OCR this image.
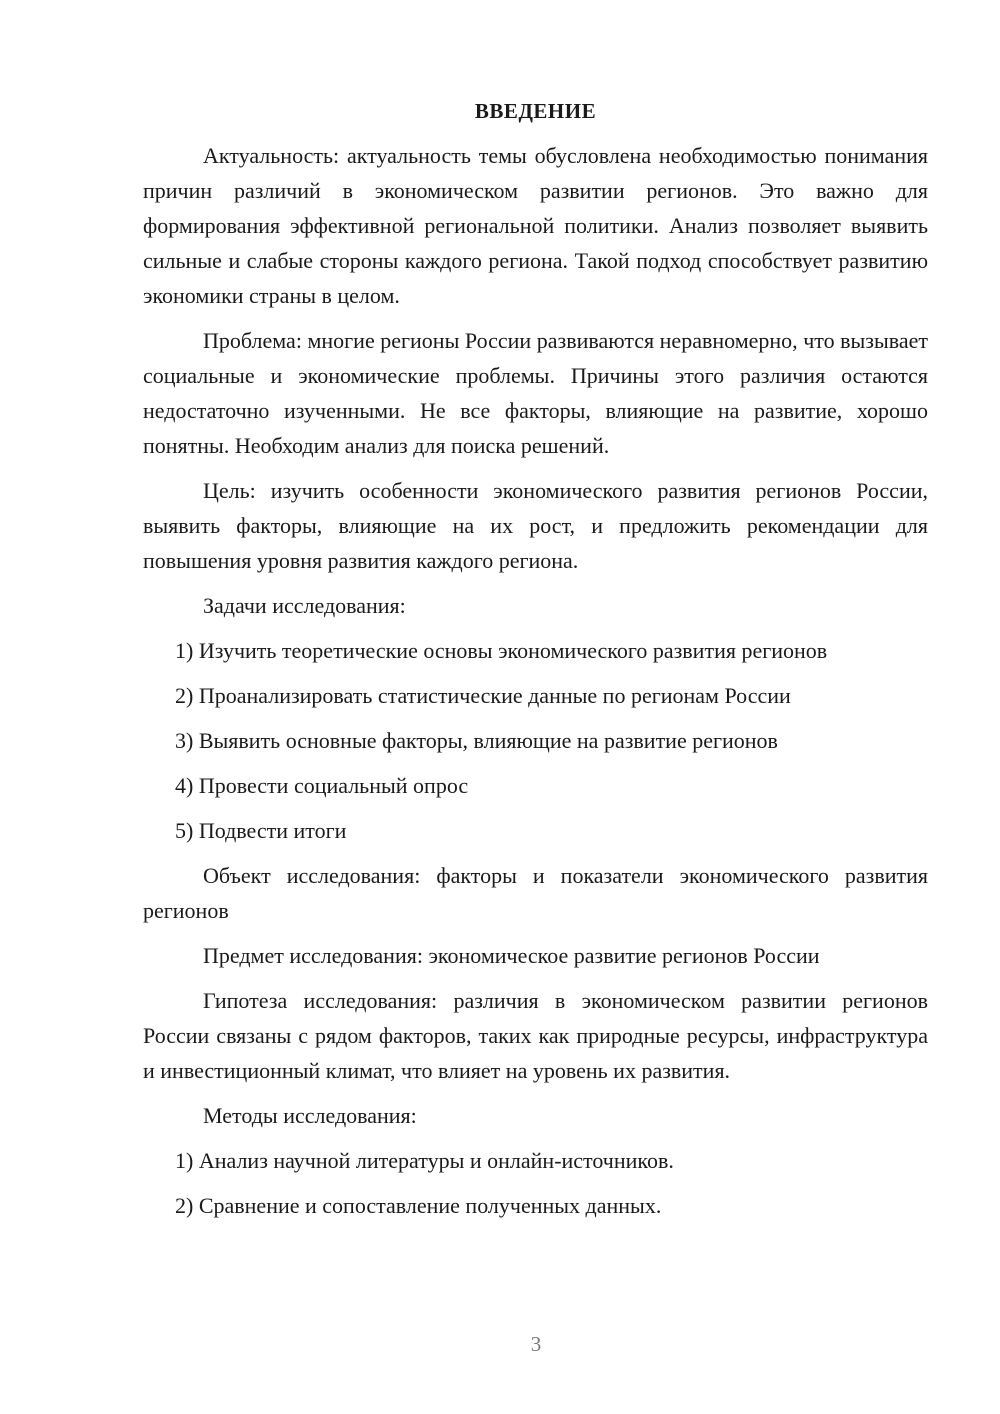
ВВЕДЕНИЕ

Актуальность: актуальность темы обусловлена необходимостью понимания причин различий в экономическом развитии регионов. Это важно для формирования эффективной региональной политики. Анализ позволяет выявить сильные и слабые стороны каждого региона. Такой подход способствует развитию экономики страны в целом.

Проблема: многие регионы России развиваются неравномерно, что вызывает социальные и экономические проблемы. Причины этого различия остаются недостаточно изученными. Не все факторы, влияющие на развитие, хорошо понятны. Необходим анализ для поиска решений.

Цель: изучить особенности экономического развития регионов России, выявить факторы, влияющие на их рост, и предложить рекомендации для повышения уровня развития каждого региона.

Задачи исследования:

1) Изучить теоретические основы экономического развития регионов
2) Проанализировать статистические данные по регионам России
3) Выявить основные факторы, влияющие на развитие регионов
4) Провести социальный опрос
5) Подвести итоги

Объект исследования: факторы и показатели экономического развития регионов

Предмет исследования: экономическое развитие регионов России

Гипотеза исследования: различия в экономическом развитии регионов России связаны с рядом факторов, таких как природные ресурсы, инфраструктура и инвестиционный климат, что влияет на уровень их развития.

Методы исследования:

1) Анализ научной литературы и онлайн-источников.
2) Сравнение и сопоставление полученных данных.
3
